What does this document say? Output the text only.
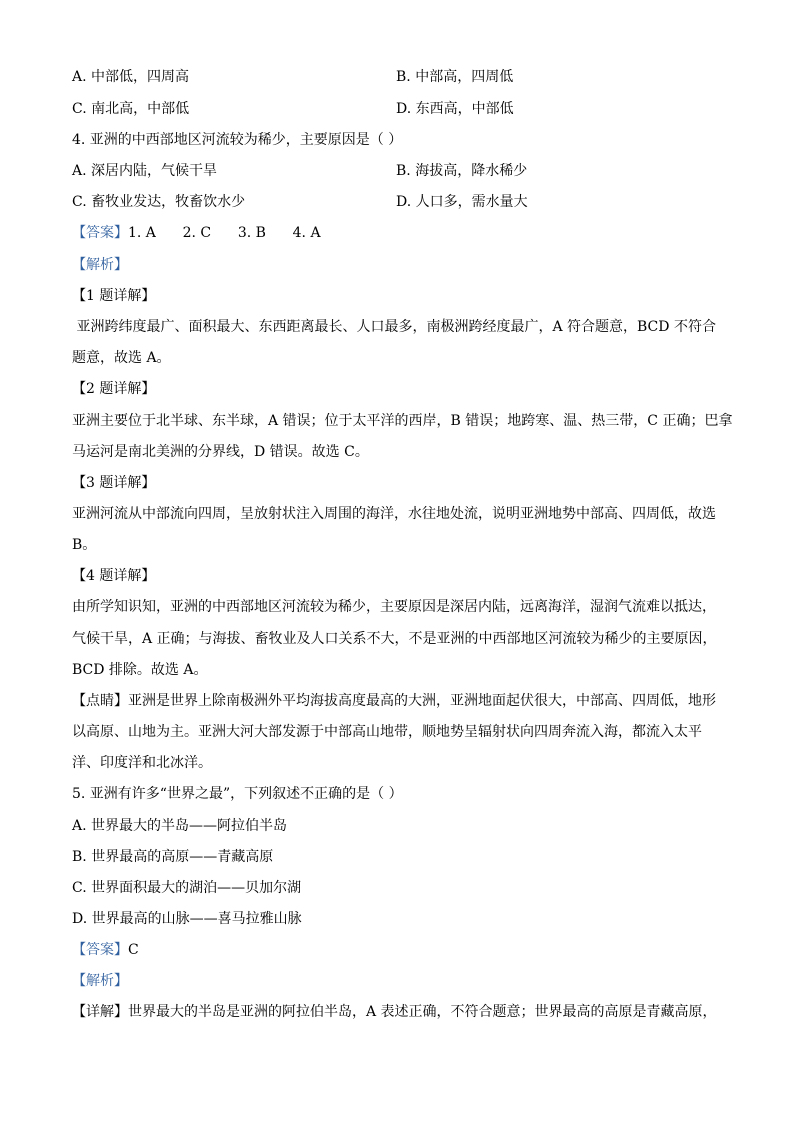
A. 中部低，四周高	B. 中部高，四周低
C. 南北高，中部低	D. 东西高，中部低
4. 亚洲的中西部地区河流较为稀少，主要原因是（ ）
A. 深居内陆，气候干旱	B. 海拔高，降水稀少
C. 畜牧业发达，牧畜饮水少	D. 人口多，需水量大
【答案】1. A      2. C      3. B      4. A
【解析】
【1 题详解】
亚洲跨纬度最广、面积最大、东西距离最长、人口最多，南极洲跨经度最广，A 符合题意，BCD 不符合
题意，故选 A。
【2 题详解】
亚洲主要位于北半球、东半球，A 错误；位于太平洋的西岸，B 错误；地跨寒、温、热三带，C 正确；巴拿
马运河是南北美洲的分界线，D 错误。故选 C。
【3 题详解】
亚洲河流从中部流向四周，呈放射状注入周围的海洋，水往地处流，说明亚洲地势中部高、四周低，故选
B。
【4 题详解】
由所学知识知，亚洲的中西部地区河流较为稀少，主要原因是深居内陆，远离海洋，湿润气流难以抵达，
气候干旱，A 正确；与海拔、畜牧业及人口关系不大，不是亚洲的中西部地区河流较为稀少的主要原因，
BCD 排除。故选 A。
【点睛】亚洲是世界上除南极洲外平均海拔高度最高的大洲，亚洲地面起伏很大，中部高、四周低，地形
以高原、山地为主。亚洲大河大部发源于中部高山地带，顺地势呈辐射状向四周奔流入海，都流入太平
洋、印度洋和北冰洋。
5. 亚洲有许多“世界之最”，下列叙述不正确的是（ ）
A. 世界最大的半岛——阿拉伯半岛
B. 世界最高的高原——青藏高原
C. 世界面积最大的湖泊——贝加尔湖
D. 世界最高的山脉——喜马拉雅山脉
【答案】C
【解析】
【详解】世界最大的半岛是亚洲的阿拉伯半岛，A 表述正确，不符合题意；世界最高的高原是青藏高原，
